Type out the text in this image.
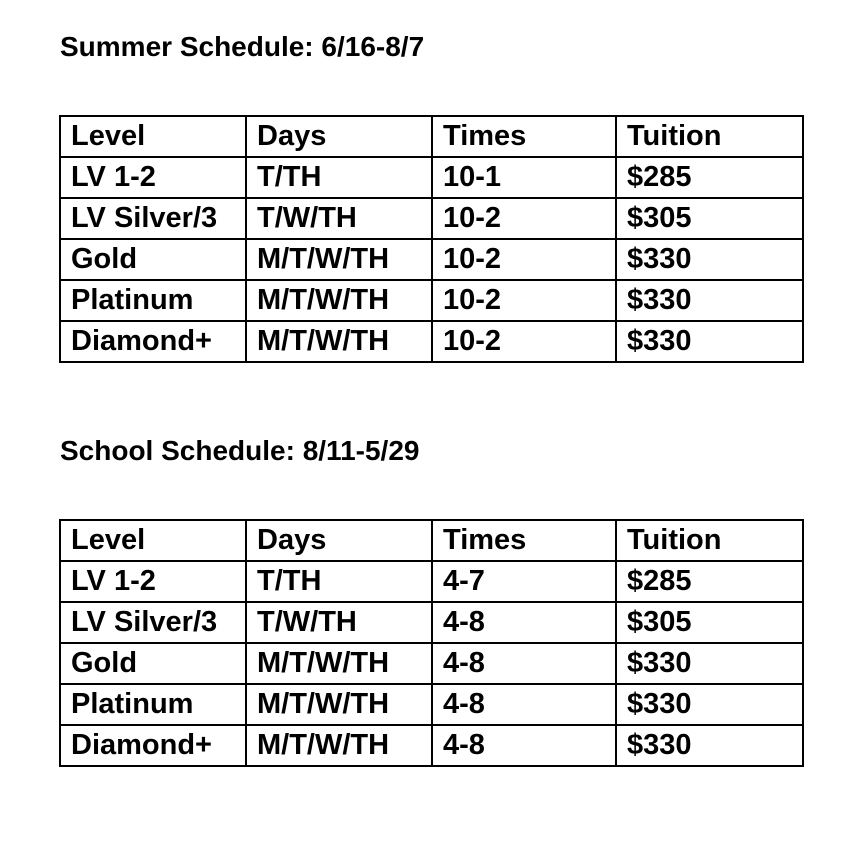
Summer Schedule: 6/16-8/7
Level	Days	Times	Tuition
LV 1-2	T/TH	10-1	$285
LV Silver/3	T/W/TH	10-2	$305
Gold	M/T/W/TH	10-2	$330
Platinum	M/T/W/TH	10-2	$330
Diamond+	M/T/W/TH	10-2	$330
School Schedule: 8/11-5/29
Level	Days	Times	Tuition
LV 1-2	T/TH	4-7	$285
LV Silver/3	T/W/TH	4-8	$305
Gold	M/T/W/TH	4-8	$330
Platinum	M/T/W/TH	4-8	$330
Diamond+	M/T/W/TH	4-8	$330
